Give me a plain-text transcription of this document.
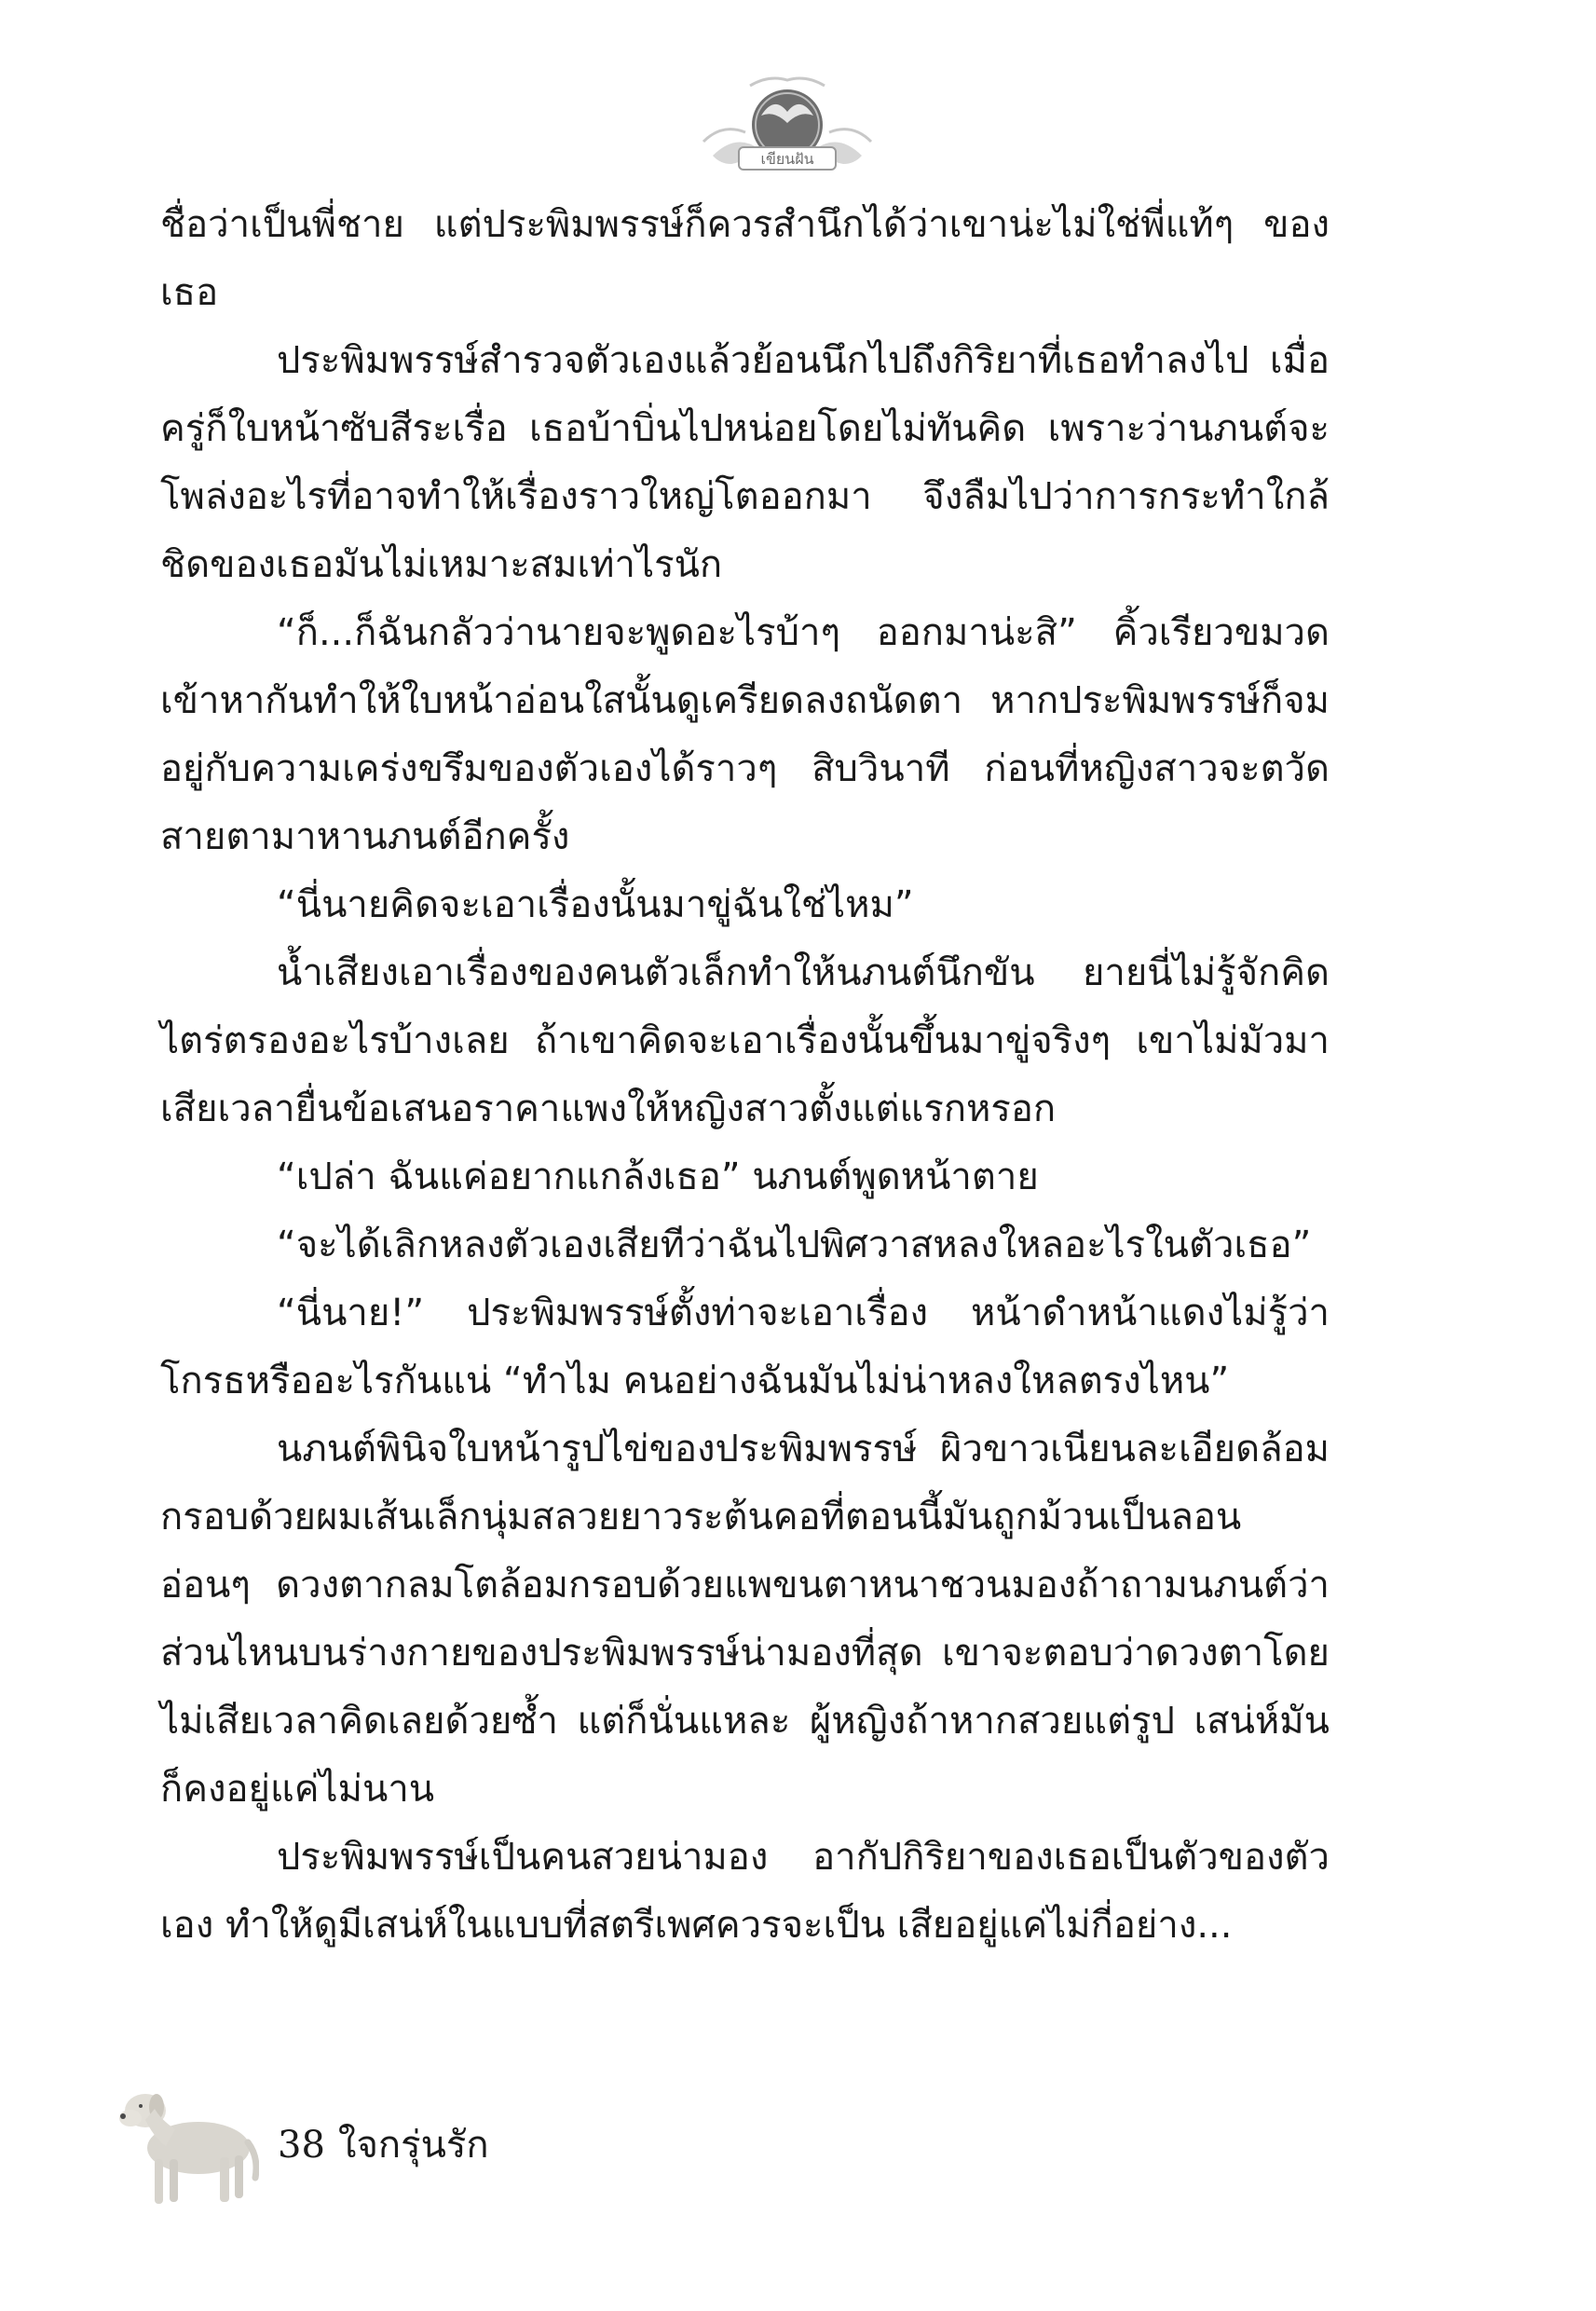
เขียนฝัน

ชื่อว่าเป็นพี่ชาย แต่ประพิมพรรษ์ก็ควรสำนึกได้ว่าเขาน่ะไม่ใช่พี่แท้ๆ ของเธอ

ประพิมพรรษ์สำรวจตัวเองแล้วย้อนนึกไปถึงกิริยาที่เธอทำลงไป เมื่อครู่ก็ใบหน้าซับสีระเรื่อ เธอบ้าบิ่นไปหน่อยโดยไม่ทันคิด เพราะว่านภนต์จะโพล่งอะไรที่อาจทำให้เรื่องราวใหญ่โตออกมา จึงลืมไปว่าการกระทำใกล้ชิดของเธอมันไม่เหมาะสมเท่าไรนัก

“ก็...ก็ฉันกลัวว่านายจะพูดอะไรบ้าๆ ออกมาน่ะสิ” คิ้วเรียวขมวดเข้าหากันทำให้ใบหน้าอ่อนใสนั้นดูเครียดลงถนัดตา หากประพิมพรรษ์ก็จมอยู่กับความเคร่งขรึมของตัวเองได้ราวๆ สิบวินาที ก่อนที่หญิงสาวจะตวัดสายตามาหานภนต์อีกครั้ง

“นี่นายคิดจะเอาเรื่องนั้นมาขู่ฉันใช่ไหม”

น้ำเสียงเอาเรื่องของคนตัวเล็กทำให้นภนต์นึกขัน ยายนี่ไม่รู้จักคิดไตร่ตรองอะไรบ้างเลย ถ้าเขาคิดจะเอาเรื่องนั้นขึ้นมาขู่จริงๆ เขาไม่มัวมาเสียเวลายื่นข้อเสนอราคาแพงให้หญิงสาวตั้งแต่แรกหรอก

“เปล่า ฉันแค่อยากแกล้งเธอ” นภนต์พูดหน้าตาย

“จะได้เลิกหลงตัวเองเสียทีว่าฉันไปพิศวาสหลงใหลอะไรในตัวเธอ”

“นี่นาย!” ประพิมพรรษ์ตั้งท่าจะเอาเรื่อง หน้าดำหน้าแดงไม่รู้ว่าโกรธหรืออะไรกันแน่ “ทำไม คนอย่างฉันมันไม่น่าหลงใหลตรงไหน”

นภนต์พินิจใบหน้ารูปไข่ของประพิมพรรษ์ ผิวขาวเนียนละเอียดล้อมกรอบด้วยผมเส้นเล็กนุ่มสลวยยาวระต้นคอที่ตอนนี้มันถูกม้วนเป็นลอนอ่อนๆ ดวงตากลมโตล้อมกรอบด้วยแพขนตาหนาชวนมองถ้าถามนภนต์ว่าส่วนไหนบนร่างกายของประพิมพรรษ์น่ามองที่สุด เขาจะตอบว่าดวงตาโดยไม่เสียเวลาคิดเลยด้วยซ้ำ แต่ก็นั่นแหละ ผู้หญิงถ้าหากสวยแต่รูป เสน่ห์มันก็คงอยู่แค่ไม่นาน

ประพิมพรรษ์เป็นคนสวยน่ามอง อากัปกิริยาของเธอเป็นตัวของตัวเอง ทำให้ดูมีเสน่ห์ในแบบที่สตรีเพศควรจะเป็น เสียอยู่แค่ไม่กี่อย่าง...

38 ใจกรุ่นรัก
